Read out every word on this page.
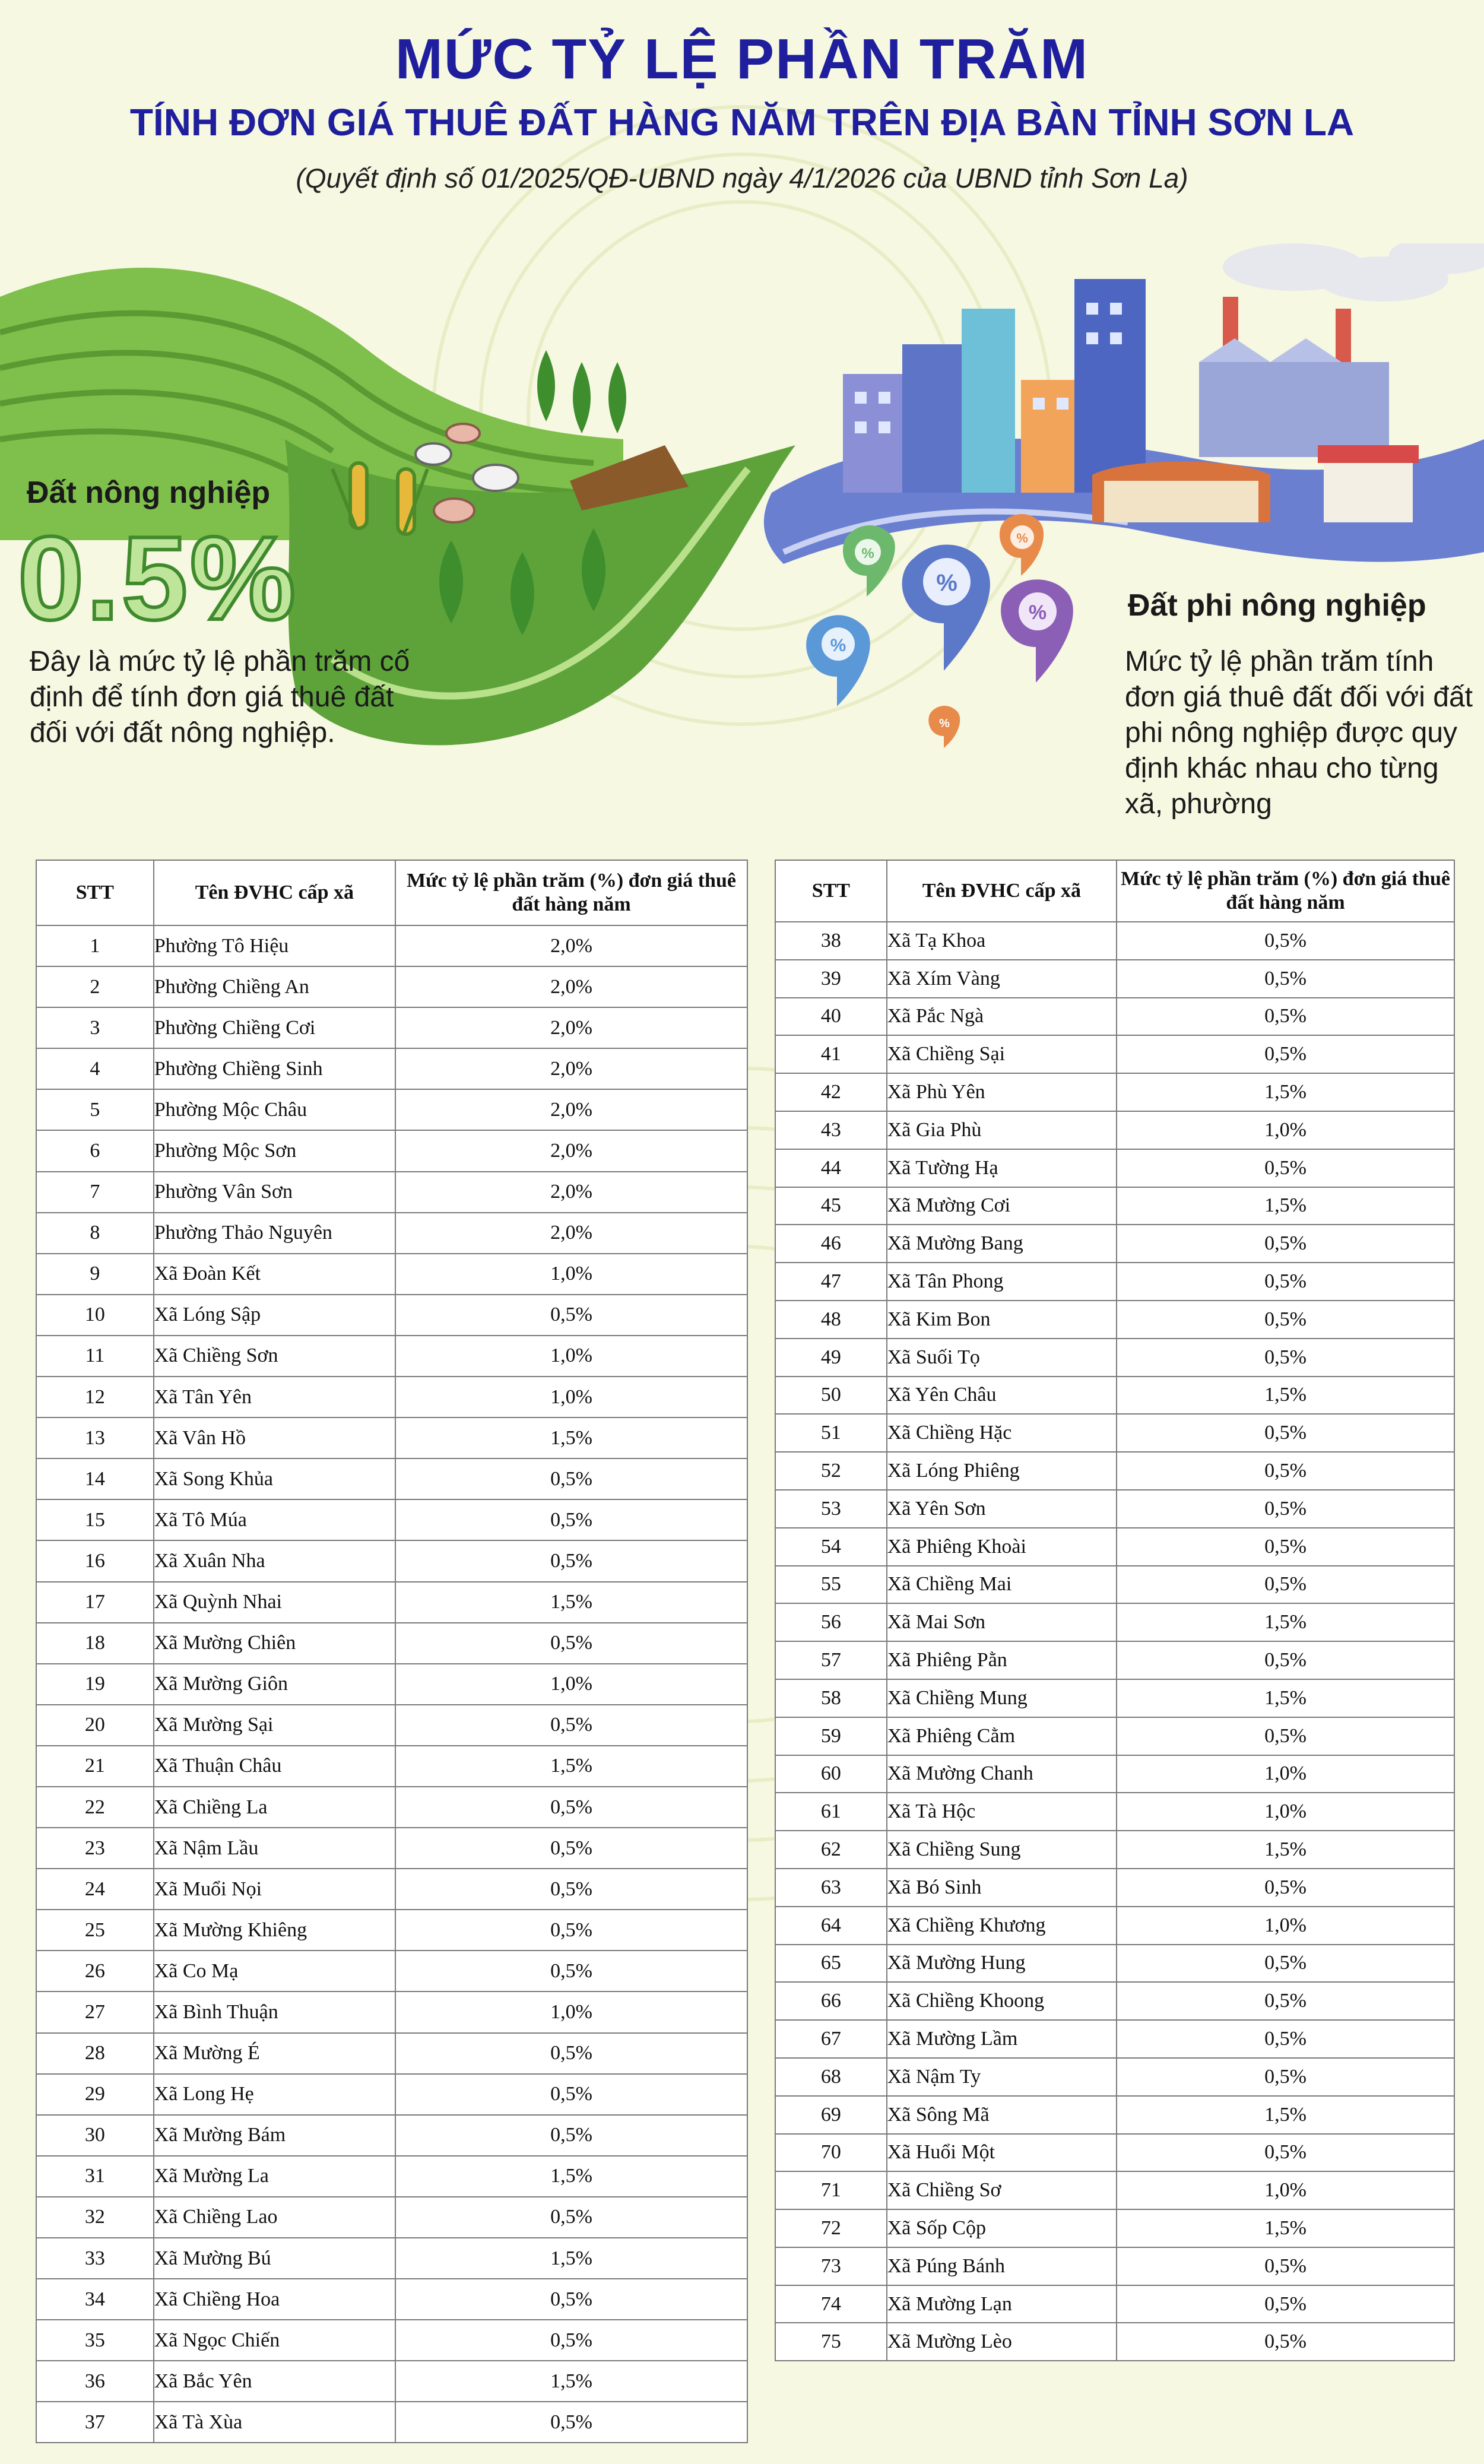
MỨC TỶ LỆ PHẦN TRĂM
TÍNH ĐƠN GIÁ THUÊ ĐẤT HÀNG NĂM TRÊN ĐỊA BÀN TỈNH SƠN LA
(Quyết định số 01/2025/QĐ-UBND ngày 4/1/2026 của UBND tỉnh Sơn La)
%
%
%
%
%
%
Đất nông nghiệp
0.5%
Đây là mức tỷ lệ phần trăm cố định để tính đơn giá thuê đất đối với đất nông nghiệp.
Đất phi nông nghiệp
Mức tỷ lệ phần trăm tính đơn giá thuê đất đối với đất phi nông nghiệp được quy định khác nhau cho từng xã, phường
STT	Tên ĐVHC cấp xã	Mức tỷ lệ phần trăm (%) đơn giá thuê đất hàng năm
1	Phường Tô Hiệu	2,0%
2	Phường Chiềng An	2,0%
3	Phường Chiềng Cơi	2,0%
4	Phường Chiềng Sinh	2,0%
5	Phường Mộc Châu	2,0%
6	Phường Mộc Sơn	2,0%
7	Phường Vân Sơn	2,0%
8	Phường Thảo Nguyên	2,0%
9	Xã Đoàn Kết	1,0%
10	Xã Lóng Sập	0,5%
11	Xã Chiềng Sơn	1,0%
12	Xã Tân Yên	1,0%
13	Xã Vân Hồ	1,5%
14	Xã Song Khủa	0,5%
15	Xã Tô Múa	0,5%
16	Xã Xuân Nha	0,5%
17	Xã Quỳnh Nhai	1,5%
18	Xã Mường Chiên	0,5%
19	Xã Mường Giôn	1,0%
20	Xã Mường Sại	0,5%
21	Xã Thuận Châu	1,5%
22	Xã Chiềng La	0,5%
23	Xã Nậm Lầu	0,5%
24	Xã Muổi Nọi	0,5%
25	Xã Mường Khiêng	0,5%
26	Xã Co Mạ	0,5%
27	Xã Bình Thuận	1,0%
28	Xã Mường É	0,5%
29	Xã Long Hẹ	0,5%
30	Xã Mường Bám	0,5%
31	Xã Mường La	1,5%
32	Xã Chiềng Lao	0,5%
33	Xã Mường Bú	1,5%
34	Xã Chiềng Hoa	0,5%
35	Xã Ngọc Chiến	0,5%
36	Xã Bắc Yên	1,5%
37	Xã Tà Xùa	0,5%
STT	Tên ĐVHC cấp xã	Mức tỷ lệ phần trăm (%) đơn giá thuê đất hàng năm
38	Xã Tạ Khoa	0,5%
39	Xã Xím Vàng	0,5%
40	Xã Pắc Ngà	0,5%
41	Xã Chiềng Sại	0,5%
42	Xã Phù Yên	1,5%
43	Xã Gia Phù	1,0%
44	Xã Tường Hạ	0,5%
45	Xã Mường Cơi	1,5%
46	Xã Mường Bang	0,5%
47	Xã Tân Phong	0,5%
48	Xã Kim Bon	0,5%
49	Xã Suối Tọ	0,5%
50	Xã Yên Châu	1,5%
51	Xã Chiềng Hặc	0,5%
52	Xã Lóng Phiêng	0,5%
53	Xã Yên Sơn	0,5%
54	Xã Phiêng Khoài	0,5%
55	Xã Chiềng Mai	0,5%
56	Xã Mai Sơn	1,5%
57	Xã Phiêng Pằn	0,5%
58	Xã Chiềng Mung	1,5%
59	Xã Phiêng Cằm	0,5%
60	Xã Mường Chanh	1,0%
61	Xã Tà Hộc	1,0%
62	Xã Chiềng Sung	1,5%
63	Xã Bó Sinh	0,5%
64	Xã Chiềng Khương	1,0%
65	Xã Mường Hung	0,5%
66	Xã Chiềng Khoong	0,5%
67	Xã Mường Lầm	0,5%
68	Xã Nậm Ty	0,5%
69	Xã Sông Mã	1,5%
70	Xã Huổi Một	0,5%
71	Xã Chiềng Sơ	1,0%
72	Xã Sốp Cộp	1,5%
73	Xã Púng Bánh	0,5%
74	Xã Mường Lạn	0,5%
75	Xã Mường Lèo	0,5%
